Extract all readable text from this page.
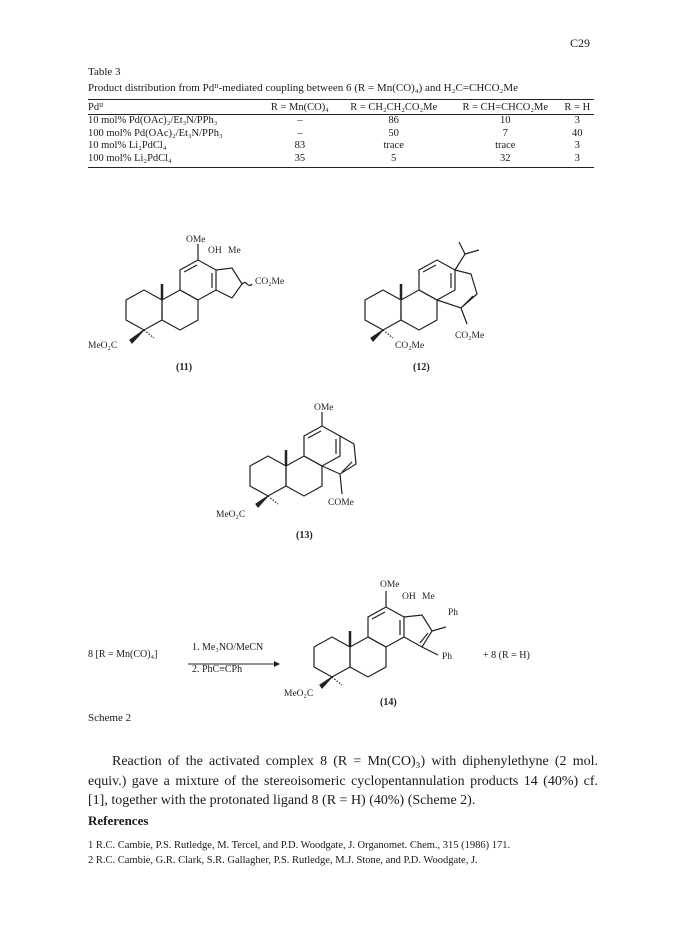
C29
Table 3
Product distribution from Pdᴵᴵ-mediated coupling between 6 (R = Mn(CO)₄) and H₂C=CHCO₂Me
Pdᴵᴵ	R = Mn(CO)₄	R = CH₂CH₂CO₂Me	R = CH=CHCO₂Me	R = H
10 mol% Pd(OAc)₂/Et₃N/PPh₃	–	86	10	3
100 mol% Pd(OAc)₂/Et₃N/PPh₃	–	50	7	40
10 mol% Li₂PdCl₄	83	trace	trace	3
100 mol% Li₂PdCl₄	35	5	32	3
OMe
OH Me
CO₂Me
MeO₂C
(11)
CO₂Me
CO₂Me
(12)
OMe
MeO₂C
COMe
(13)
8 [R = Mn(CO)₄]
1. Me₃NO/MeCN
2. PhC≡CPh
OMe
OH Me
Ph
Ph
MeO₂C
(14)
+ 8 (R = H)
Scheme 2
Reaction of the activated complex 8 (R = Mn(CO)₃) with diphenylethyne (2 mol. equiv.) gave a mixture of the stereoisomeric cyclopentannulation products 14 (40%) cf. [1], together with the protonated ligand 8 (R = H) (40%) (Scheme 2).
References
1 R.C. Cambie, P.S. Rutledge, M. Tercel, and P.D. Woodgate, J. Organomet. Chem., 315 (1986) 171.
2 R.C. Cambie, G.R. Clark, S.R. Gallagher, P.S. Rutledge, M.J. Stone, and P.D. Woodgate, J.
